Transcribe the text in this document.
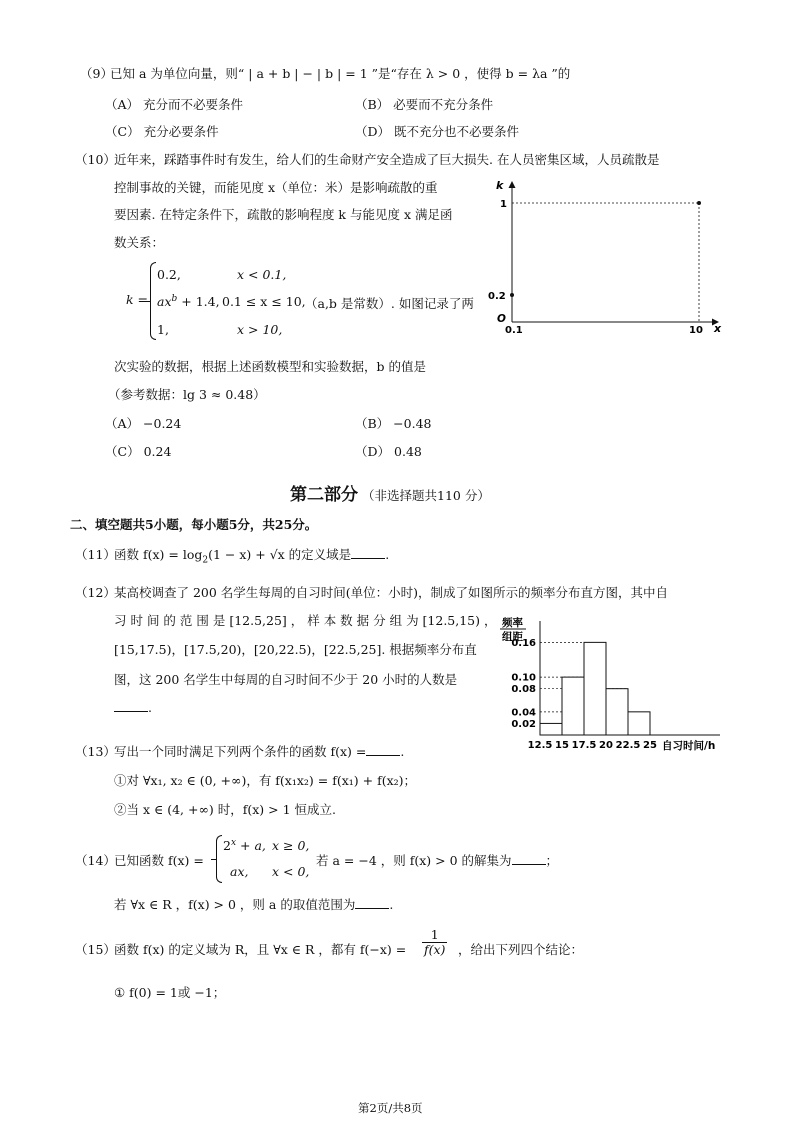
（9）
已知 a 为单位向量，则“ | a + b | − | b | = 1 ”是“存在 λ > 0 ，使得 b = λa ”的
（A） 充分而不必要条件	（B） 必要而不充分条件
（C） 充分必要条件	（D） 既不充分也不必要条件
（10）
近年来，踩踏事件时有发生，给人们的生命财产安全造成了巨大损失. 在人员密集区域，人员疏散是
控制事故的关键，而能见度 x（单位：米）是影响疏散的重
要因素. 在特定条件下，疏散的影响程度 k 与能见度 x 满足函
数关系：
k =
0.2,	x < 0.1,
$ax^b + 1.4$, 0.1 ≤ x ≤ 10, （a,b 是常数）. 如图记录了两
1,	x > 10,
次实验的数据，根据上述函数模型和实验数据，b 的值是
（参考数据：lg 3 ≈ 0.48）
（A） −0.24	（B） −0.48
（C） 0.24	（D） 0.48
k
x
O
1
0.2
0.1	10
第二部分 （非选择题共110 分）
二、填空题共5小题，每小题5分，共25分。
（11）
函数 $f(x) = \log_2(1 - x) + √x$ 的定义域是	.
（12）
某高校调查了 200 名学生每周的自习时间(单位：小时)，制成了如图所示的频率分布直方图，其中自
习 时 间 的 范 围 是 [12.5,25] ， 样 本 数 据 分 组 为 [12.5,15) ，
[15,17.5)，[17.5,20)，[20,22.5)，[22.5,25]. 根据频率分布直
图，这 200 名学生中每周的自习时间不少于 20 小时的人数是
.
频率
组距
0.16
0.10
0.08
0.04
0.02
12.5 15 17.5 20 22.5 25 自习时间/h
（13）
写出一个同时满足下列两个条件的函数 f(x) =	.
①对 ∀x₁, x₂ ∈ (0, +∞)，有 f(x₁x₂) = f(x₁) + f(x₂)；
②当 x ∈ (4, +∞) 时，f(x) > 1 恒成立.
（14）
已知函数 f(x) =
$2^x + a$, x ≥ 0,
ax, x < 0,
若 a = −4 ，则 f(x) > 0 的解集为	；
若 ∀x ∈ R ，f(x) > 0 ，则 a 的取值范围为	.
（15）
函数 f(x) 的定义域为 R，且 ∀x ∈ R ，都有 $f(-x) = \frac{1}{f(x)}$ ，给出下列四个结论：
① f(0) = 1或 −1；
第2页/共8页
